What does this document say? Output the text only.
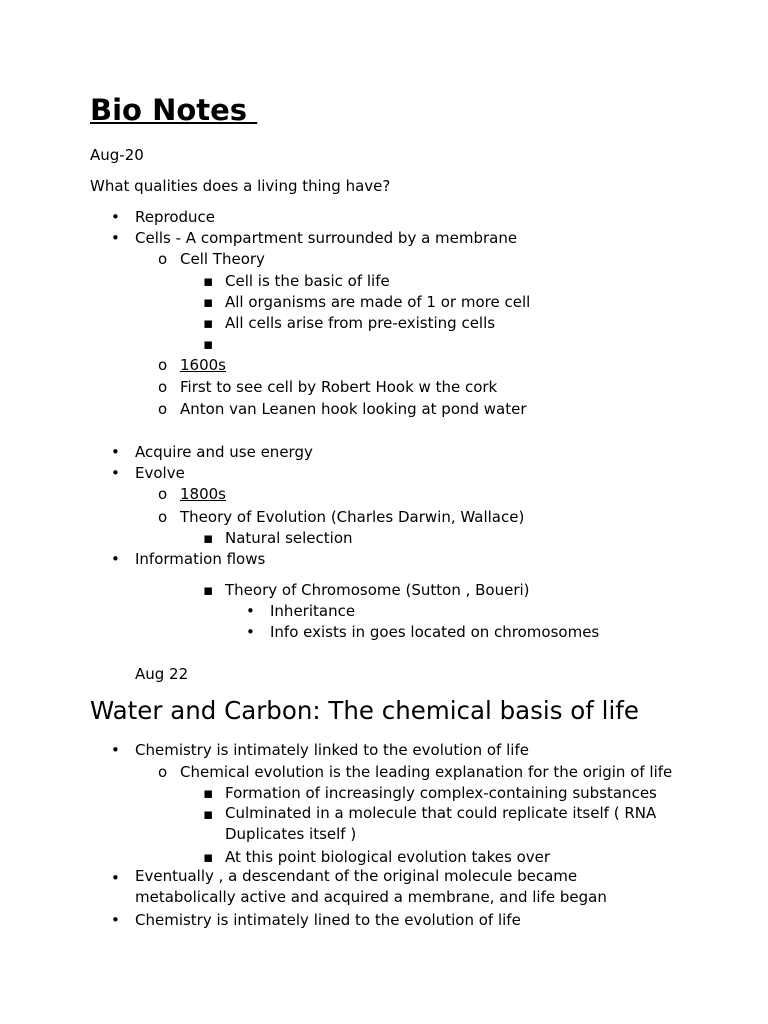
Bio Notes
Aug-20
What qualities does a living thing have?
• Reproduce
• Cells - A compartment surrounded by a membrane
o Cell Theory
▪ Cell is the basic of life
▪ All organisms are made of 1 or more cell
▪ All cells arise from pre-existing cells
▪
o 1600s
o First to see cell by Robert Hook w the cork
o Anton van Leanen hook looking at pond water
• Acquire and use energy
• Evolve
o 1800s
o Theory of Evolution (Charles Darwin, Wallace)
▪ Natural selection
• Information flows
▪ Theory of Chromosome (Sutton , Boueri)
• Inheritance
• Info exists in goes located on chromosomes
Aug 22
Water and Carbon: The chemical basis of life
• Chemistry is intimately linked to the evolution of life
o Chemical evolution is the leading explanation for the origin of life
▪ Formation of increasingly complex-containing substances
▪ Culminated in a molecule that could replicate itself ( RNA Duplicates itself )
▪ At this point biological evolution takes over
• Eventually , a descendant of the original molecule became metabolically active and acquired a membrane, and life began
• Chemistry is intimately lined to the evolution of life
